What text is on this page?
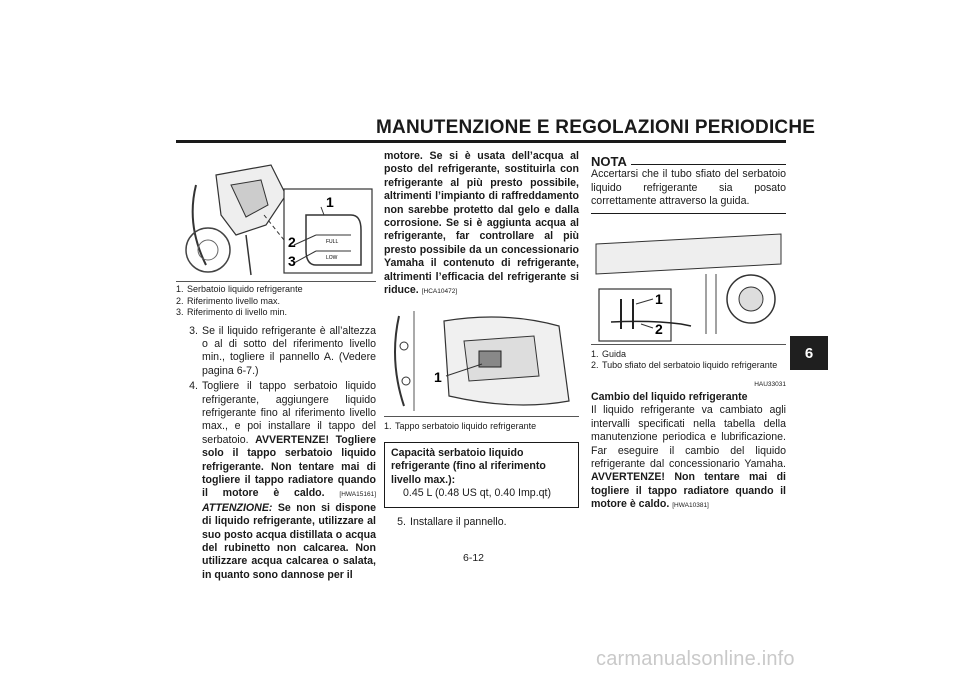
MANUTENZIONE E REGOLAZIONI PERIODICHE
6
1
2
3
FULL
LOW
1. Serbatoio liquido refrigerante
2. Riferimento livello max.
3. Riferimento di livello min.
3. Se il liquido refrigerante è all’altezza o al di sotto del riferimento livello min., togliere il pannello A. (Vedere pagina 6-7.)
4. Togliere il tappo serbatoio liquido refrigerante, aggiungere liquido refrigerante fino al riferimento livello max., e poi installare il tappo del serbatoio. AVVERTENZE! Togliere solo il tappo serbatoio liquido refrigerante. Non tentare mai di togliere il tappo radiatore quando il motore è caldo. [HWA15161] ATTENZIONE: Se non si dispone di liquido refrigerante, utilizzare al suo posto acqua distillata o acqua del rubinetto non calcarea. Non utilizzare acqua calcarea o salata, in quanto sono dannose per il
motore. Se si è usata dell’acqua al posto del refrigerante, sostituirla con refrigerante al più presto possibile, altrimenti l’impianto di raffreddamento non sarebbe protetto dal gelo e dalla corrosione. Se si è aggiunta acqua al refrigerante, far controllare al più presto possibile da un concessionario Yamaha il contenuto di refrigerante, altrimenti l’efficacia del refrigerante si riduce. [HCA10472]
1
1. Tappo serbatoio liquido refrigerante
Capacità serbatoio liquido refrigerante (fino al riferimento livello max.):
0.45 L (0.48 US qt, 0.40 Imp.qt)
5. Installare il pannello.
NOTA
Accertarsi che il tubo sfiato del serbatoio liquido refrigerante sia posato correttamente attraverso la guida.
1
2
1. Guida
2. Tubo sfiato del serbatoio liquido refrigerante
HAU33031
Cambio del liquido refrigerante
Il liquido refrigerante va cambiato agli intervalli specificati nella tabella della manutenzione periodica e lubrificazione. Far eseguire il cambio del liquido refrigerante dal concessionario Yamaha. AVVERTENZE! Non tentare mai di togliere il tappo radiatore quando il motore è caldo. [HWA10381]
6-12
carmanualsonline.info
